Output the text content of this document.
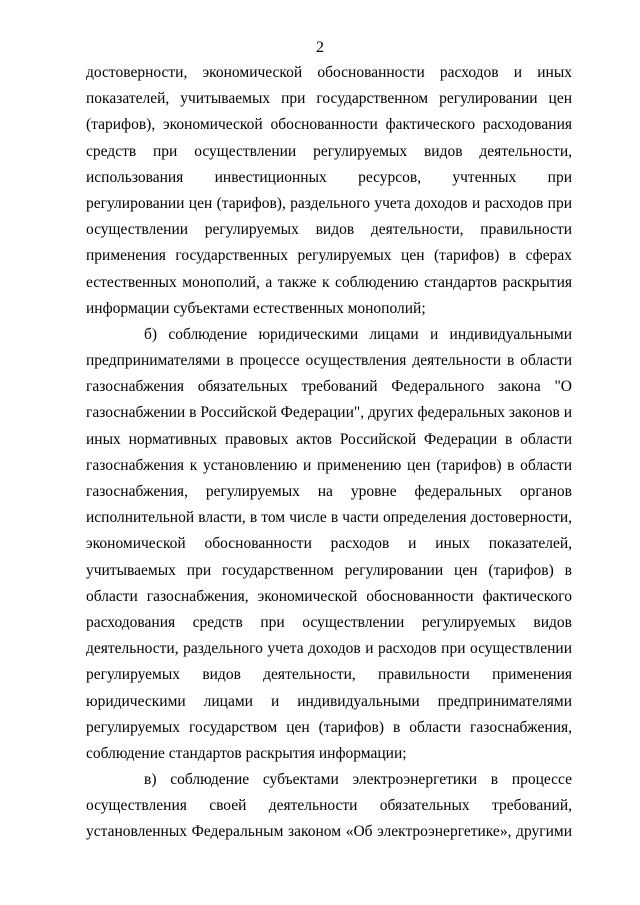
2
достоверности, экономической обоснованности расходов и иных
показателей, учитываемых при государственном регулировании цен
(тарифов), экономической обоснованности фактического расходования
средств при осуществлении регулируемых видов деятельности,
использования инвестиционных ресурсов, учтенных при
регулировании цен (тарифов), раздельного учета доходов и расходов при
осуществлении регулируемых видов деятельности, правильности
применения государственных регулируемых цен (тарифов) в сферах
естественных монополий, а также к соблюдению стандартов раскрытия
информации субъектами естественных монополий;
б) соблюдение юридическими лицами и индивидуальными
предпринимателями в процессе осуществления деятельности в области
газоснабжения обязательных требований Федерального закона "О
газоснабжении в Российской Федерации", других федеральных законов и
иных нормативных правовых актов Российской Федерации в области
газоснабжения к установлению и применению цен (тарифов) в области
газоснабжения, регулируемых на уровне федеральных органов
исполнительной власти, в том числе в части определения достоверности,
экономической обоснованности расходов и иных показателей,
учитываемых при государственном регулировании цен (тарифов) в
области газоснабжения, экономической обоснованности фактического
расходования средств при осуществлении регулируемых видов
деятельности, раздельного учета доходов и расходов при осуществлении
регулируемых видов деятельности, правильности применения
юридическими лицами и индивидуальными предпринимателями
регулируемых государством цен (тарифов) в области газоснабжения,
соблюдение стандартов раскрытия информации;
в) соблюдение субъектами электроэнергетики в процессе
осуществления своей деятельности обязательных требований,
установленных Федеральным законом «Об электроэнергетике», другими
